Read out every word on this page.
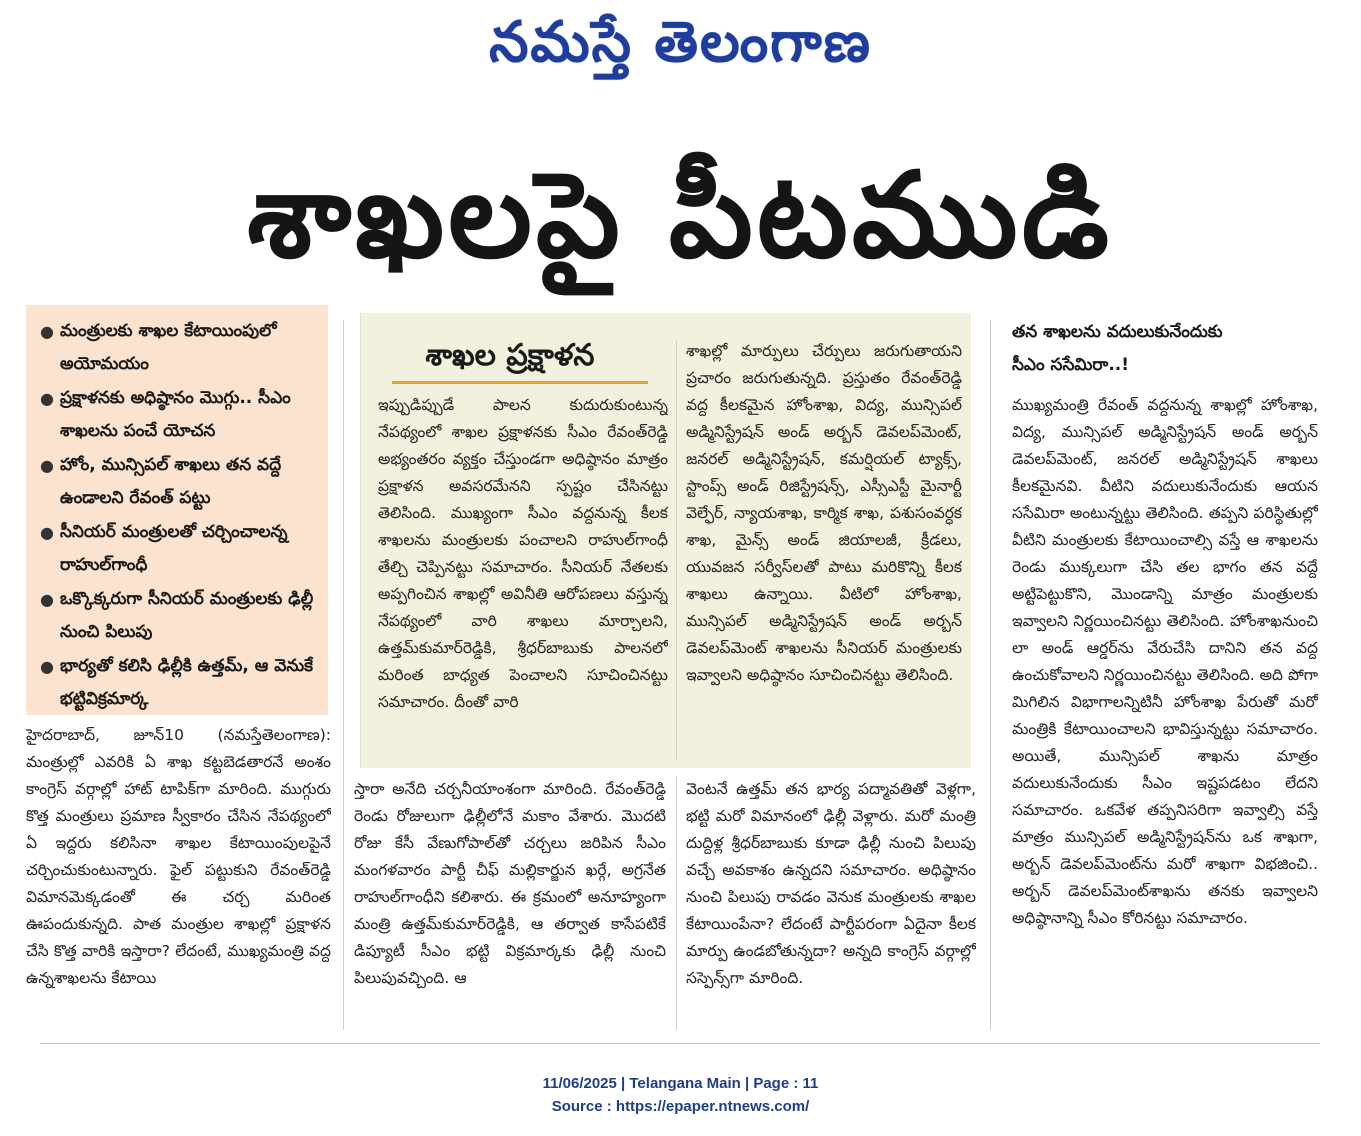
నమస్తే తెలంగాణ
శాఖలపై పీటముడి
● మంత్రులకు శాఖల కేటాయింపులో అయోమయం
● ప్రక్షాళనకు అధిష్ఠానం మొగ్గు.. సీఎం శాఖలను పంచే యోచన
● హోం, మున్సిపల్ శాఖలు తన వద్దే ఉండాలని రేవంత్ పట్టు
● సీనియర్ మంత్రులతో చర్చించాలన్న రాహుల్‌గాంధీ
● ఒక్కొక్కరుగా సీనియర్ మంత్రులకు ఢిల్లీ నుంచి పిలుపు
● భార్యతో కలిసి ఢిల్లీకి ఉత్తమ్, ఆ వెనుకే భట్టివిక్రమార్క
శాఖల ప్రక్షాళన
ఇప్పుడిప్పుడే పాలన కుదురుకుంటున్న నేపథ్యంలో శాఖల ప్రక్షాళనకు సీఎం రేవంత్‌రెడ్డి అభ్యంతరం వ్యక్తం చేస్తుండగా అధిష్ఠానం మాత్రం ప్రక్షాళన అవసరమేనని స్పష్టం చేసినట్టు తెలిసింది. ముఖ్యంగా సీఎం వద్దనున్న కీలక శాఖలను మంత్రులకు పంచాలని రాహుల్‌గాంధీ తేల్చి చెప్పినట్టు సమాచారం. సీనియర్ నేతలకు అప్పగించిన శాఖల్లో అవినీతి ఆరోపణలు వస్తున్న నేపథ్యంలో వారి శాఖలు మార్చాలని, ఉత్తమ్‌కుమార్‌రెడ్డికి, శ్రీధర్‌బాబుకు పాలనలో మరింత బాధ్యత పెంచాలని సూచించినట్టు సమాచారం. దీంతో వారి
శాఖల్లో మార్పులు చేర్పులు జరుగుతాయని ప్రచారం జరుగుతున్నది. ప్రస్తుతం రేవంత్‌రెడ్డి వద్ద కీలకమైన హోంశాఖ, విద్య, మున్సిపల్ అడ్మినిస్ట్రేషన్ అండ్ అర్బన్ డెవలప్‌మెంట్, జనరల్ అడ్మినిస్ట్రేషన్, కమర్షియల్ ట్యాక్స్, స్టాంప్స్ అండ్ రిజిస్ట్రేషన్స్, ఎస్సీఎస్టీ మైనార్టీ వెల్ఫేర్, న్యాయశాఖ, కార్మిక శాఖ, పశుసంవర్ధక శాఖ, మైన్స్ అండ్ జియాలజీ, క్రీడలు, యువజన సర్వీస్‌లతో పాటు మరికొన్ని కీలక శాఖలు ఉన్నాయి. వీటిలో హోంశాఖ, మున్సిపల్ అడ్మినిస్ట్రేషన్ అండ్ అర్బన్ డెవలప్‌మెంట్ శాఖలను సీనియర్ మంత్రులకు ఇవ్వాలని అధిష్ఠానం సూచించినట్టు తెలిసింది.
హైదరాబాద్, జూన్10 (నమస్తేతెలంగాణ): మంత్రుల్లో ఎవరికి ఏ శాఖ కట్టబెడతారనే అంశం కాంగ్రెస్ వర్గాల్లో హాట్ టాపిక్‌గా మారింది. ముగ్గురు కొత్త మంత్రులు ప్రమాణ స్వీకారం చేసిన నేపథ్యంలో ఏ ఇద్దరు కలిసినా శాఖల కేటాయింపులపైనే చర్చించుకుంటున్నారు. ఫైల్ పట్టుకుని రేవంత్‌రెడ్డి విమానమెక్కడంతో ఈ చర్చ మరింత ఊపందుకున్నది. పాత మంత్రుల శాఖల్లో ప్రక్షాళన చేసి కొత్త వారికి ఇస్తారా? లేదంటే, ముఖ్యమంత్రి వద్ద ఉన్నశాఖలను కేటాయి
స్తారా అనేది చర్చనీయాంశంగా మారింది. రేవంత్‌రెడ్డి రెండు రోజులుగా ఢిల్లీలోనే మకాం వేశారు. మొదటి రోజు కేసీ వేణుగోపాల్‌తో చర్చలు జరిపిన సీఎం మంగళవారం పార్టీ చీఫ్ మల్లికార్జున ఖర్గే, అగ్రనేత రాహుల్‌గాంధీని కలిశారు. ఈ క్రమంలో అనూహ్యంగా మంత్రి ఉత్తమ్‌కుమార్‌రెడ్డికి, ఆ తర్వాత కాసేపటికే డిప్యూటీ సీఎం భట్టి విక్రమార్కకు ఢిల్లీ నుంచి పిలుపువచ్చింది. ఆ
వెంటనే ఉత్తమ్ తన భార్య పద్మావతితో వెళ్లగా, భట్టి మరో విమానంలో ఢిల్లీ వెళ్లారు. మరో మంత్రి దుద్దిళ్ల శ్రీధర్‌బాబుకు కూడా ఢిల్లీ నుంచి పిలుపు వచ్చే అవకాశం ఉన్నదని సమాచారం. అధిష్ఠానం నుంచి పిలుపు రావడం వెనుక మంత్రులకు శాఖల కేటాయింపేనా? లేదంటే పార్టీపరంగా ఏదైనా కీలక మార్పు ఉండబోతున్నదా? అన్నది కాంగ్రెస్ వర్గాల్లో సస్పెన్స్‌గా మారింది.
తన శాఖలను వదులుకునేందుకు
సీఎం ససేమిరా..!
ముఖ్యమంత్రి రేవంత్ వద్దనున్న శాఖల్లో హోంశాఖ, విద్య, మున్సిపల్ అడ్మినిస్ట్రేషన్ అండ్ అర్బన్ డెవలప్‌మెంట్, జనరల్ అడ్మినిస్ట్రేషన్ శాఖలు కీలకమైనవి. వీటిని వదులుకునేందుకు ఆయన ససేమిరా అంటున్నట్టు తెలిసింది. తప్పని పరిస్థితుల్లో వీటిని మంత్రులకు కేటాయించాల్సి వస్తే ఆ శాఖలను రెండు ముక్కలుగా చేసి తల భాగం తన వద్దే అట్టిపెట్టుకొని, మొండాన్ని మాత్రం మంత్రులకు ఇవ్వాలని నిర్ణయించినట్టు తెలిసింది. హోంశాఖనుంచి లా అండ్ ఆర్డర్‌ను వేరుచేసి దానిని తన వద్ద ఉంచుకోవాలని నిర్ణయించినట్టు తెలిసింది. అది పోగా మిగిలిన విభాగాలన్నిటినీ హోంశాఖ పేరుతో మరో మంత్రికి కేటాయించాలని భావిస్తున్నట్టు సమాచారం. అయితే, మున్సిపల్ శాఖను మాత్రం వదులుకునేందుకు సీఎం ఇష్టపడటం లేదని సమాచారం. ఒకవేళ తప్పనిసరిగా ఇవ్వాల్సి వస్తే మాత్రం మున్సిపల్ అడ్మినిస్ట్రేషన్‌ను ఒక శాఖగా, అర్బన్ డెవలప్‌మెంట్‌ను మరో శాఖగా విభజించి.. అర్బన్ డెవలప్‌మెంట్‌శాఖను తనకు ఇవ్వాలని అధిష్ఠానాన్ని సీఎం కోరినట్టు సమాచారం.
11/06/2025 | Telangana Main | Page : 11
Source : https://epaper.ntnews.com/
